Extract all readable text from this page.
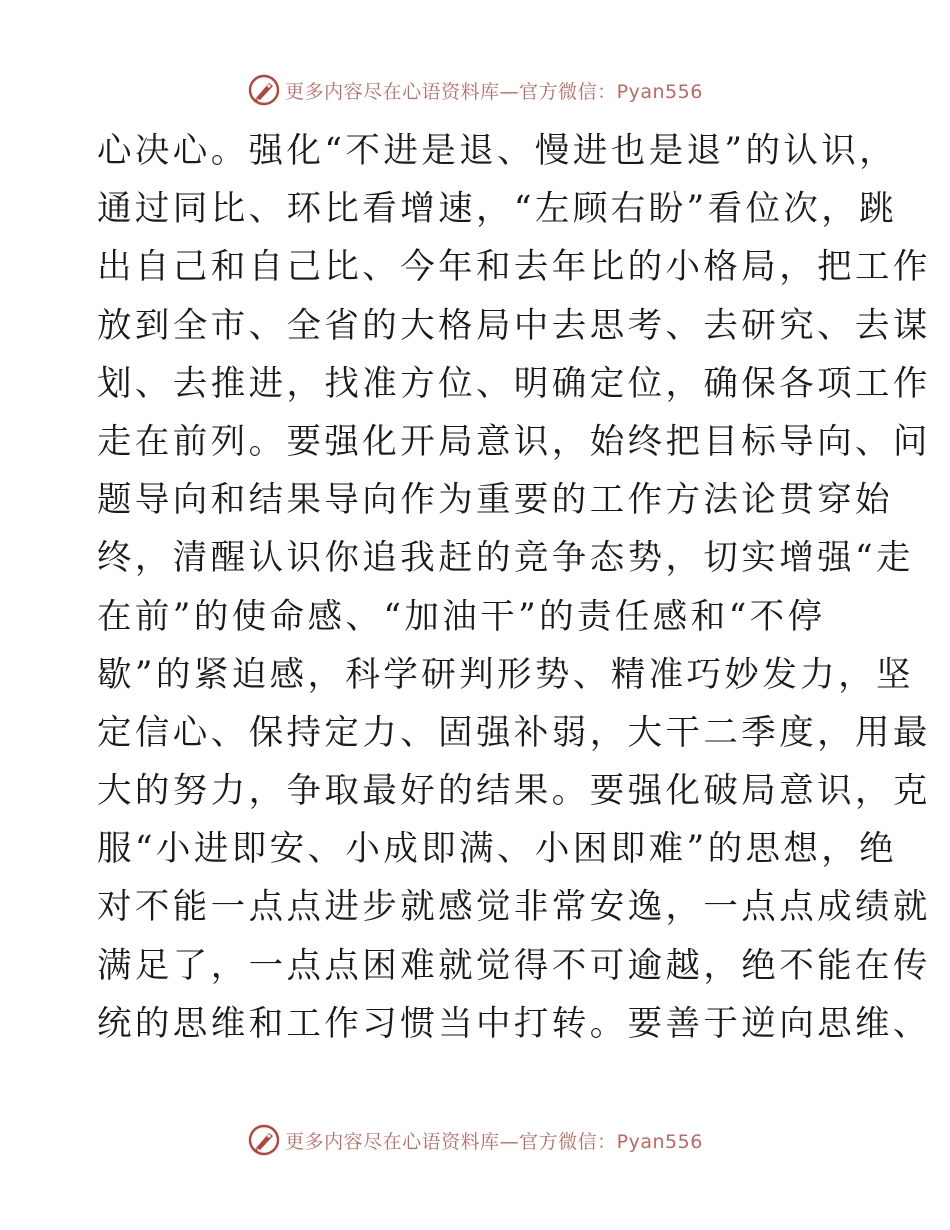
更多内容尽在心语资料库—官方微信：Pyan556
心决心。强化“不进是退、慢进也是退”的认识，
通过同比、环比看增速，“左顾右盼”看位次，跳
出自己和自己比、今年和去年比的小格局，把工作
放到全市、全省的大格局中去思考、去研究、去谋
划、去推进，找准方位、明确定位，确保各项工作
走在前列。要强化开局意识，始终把目标导向、问
题导向和结果导向作为重要的工作方法论贯穿始
终，清醒认识你追我赶的竞争态势，切实增强“走
在前”的使命感、“加油干”的责任感和“不停
歇”的紧迫感，科学研判形势、精准巧妙发力，坚
定信心、保持定力、固强补弱，大干二季度，用最
大的努力，争取最好的结果。要强化破局意识，克
服“小进即安、小成即满、小困即难”的思想，绝
对不能一点点进步就感觉非常安逸，一点点成绩就
满足了，一点点困难就觉得不可逾越，绝不能在传
统的思维和工作习惯当中打转。要善于逆向思维、
更多内容尽在心语资料库—官方微信：Pyan556
